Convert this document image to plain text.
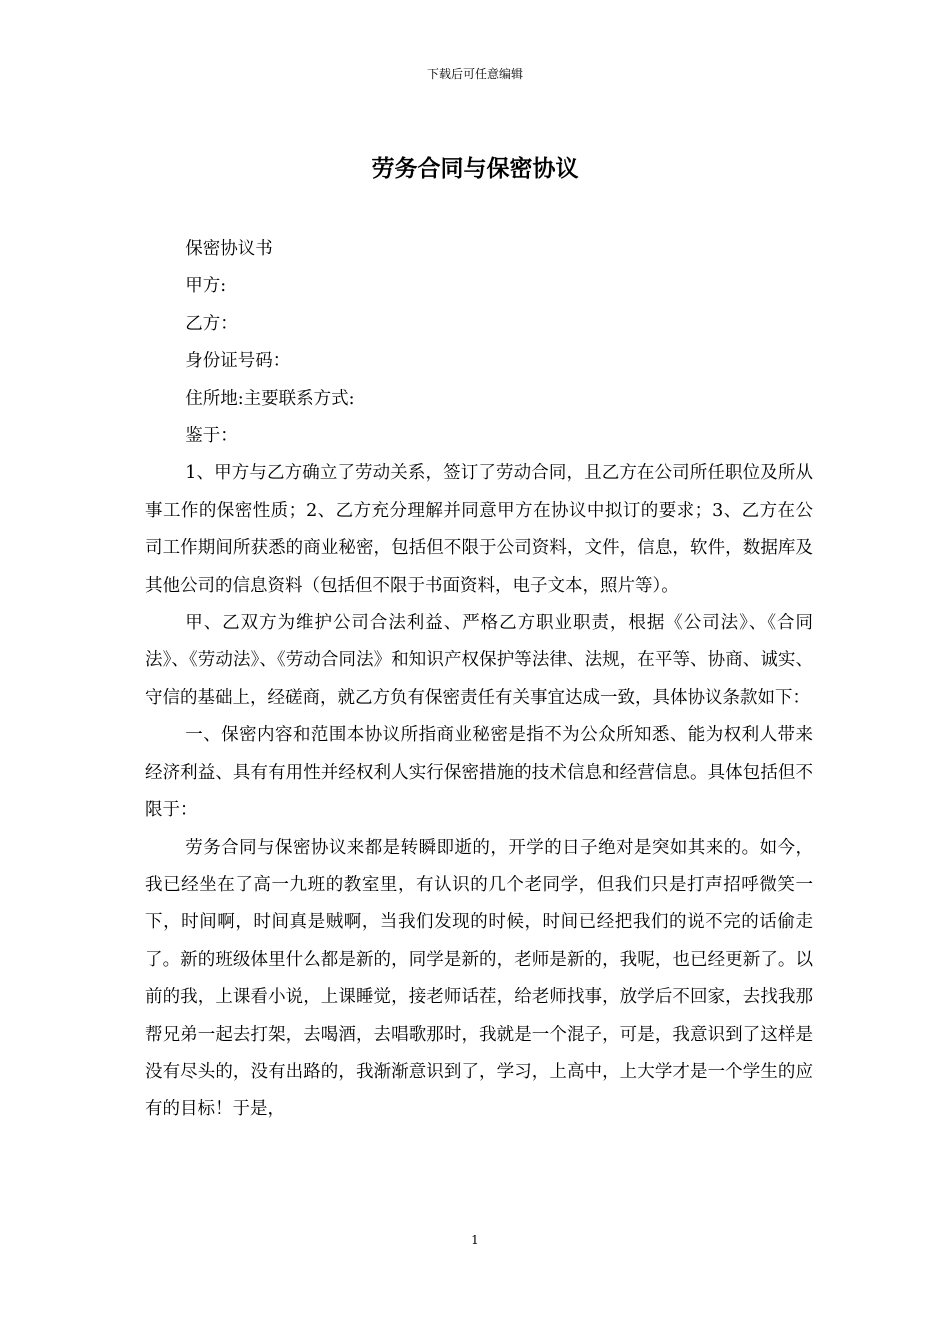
下载后可任意编辑
劳务合同与保密协议

保密协议书

甲方:

乙方：

身份证号码：

住所地:主要联系方式:

鉴于：

1、甲方与乙方确立了劳动关系，签订了劳动合同，且乙方在公司所任职位及所从事工作的保密性质；2、乙方充分理解并同意甲方在协议中拟订的要求；3、乙方在公司工作期间所获悉的商业秘密，包括但不限于公司资料，文件，信息，软件，数据库及其他公司的信息资料（包括但不限于书面资料，电子文本，照片等）。

甲、乙双方为维护公司合法利益、严格乙方职业职责，根据《公司法》、《合同法》、《劳动法》、《劳动合同法》和知识产权保护等法律、法规，在平等、协商、诚实、守信的基础上，经磋商，就乙方负有保密责任有关事宜达成一致，具体协议条款如下：

一、保密内容和范围本协议所指商业秘密是指不为公众所知悉、能为权利人带来经济利益、具有有用性并经权利人实行保密措施的技术信息和经营信息。具体包括但不限于：

劳务合同与保密协议来都是转瞬即逝的，开学的日子绝对是突如其来的。如今，我已经坐在了高一九班的教室里，有认识的几个老同学，但我们只是打声招呼微笑一下，时间啊，时间真是贼啊，当我们发现的时候，时间已经把我们的说不完的话偷走了。新的班级体里什么都是新的，同学是新的，老师是新的，我呢，也已经更新了。以前的我，上课看小说，上课睡觉，接老师话茬，给老师找事，放学后不回家，去找我那帮兄弟一起去打架，去喝酒，去唱歌那时，我就是一个混子，可是，我意识到了这样是没有尽头的，没有出路的，我渐渐意识到了，学习，上高中，上大学才是一个学生的应有的目标！于是，

1
